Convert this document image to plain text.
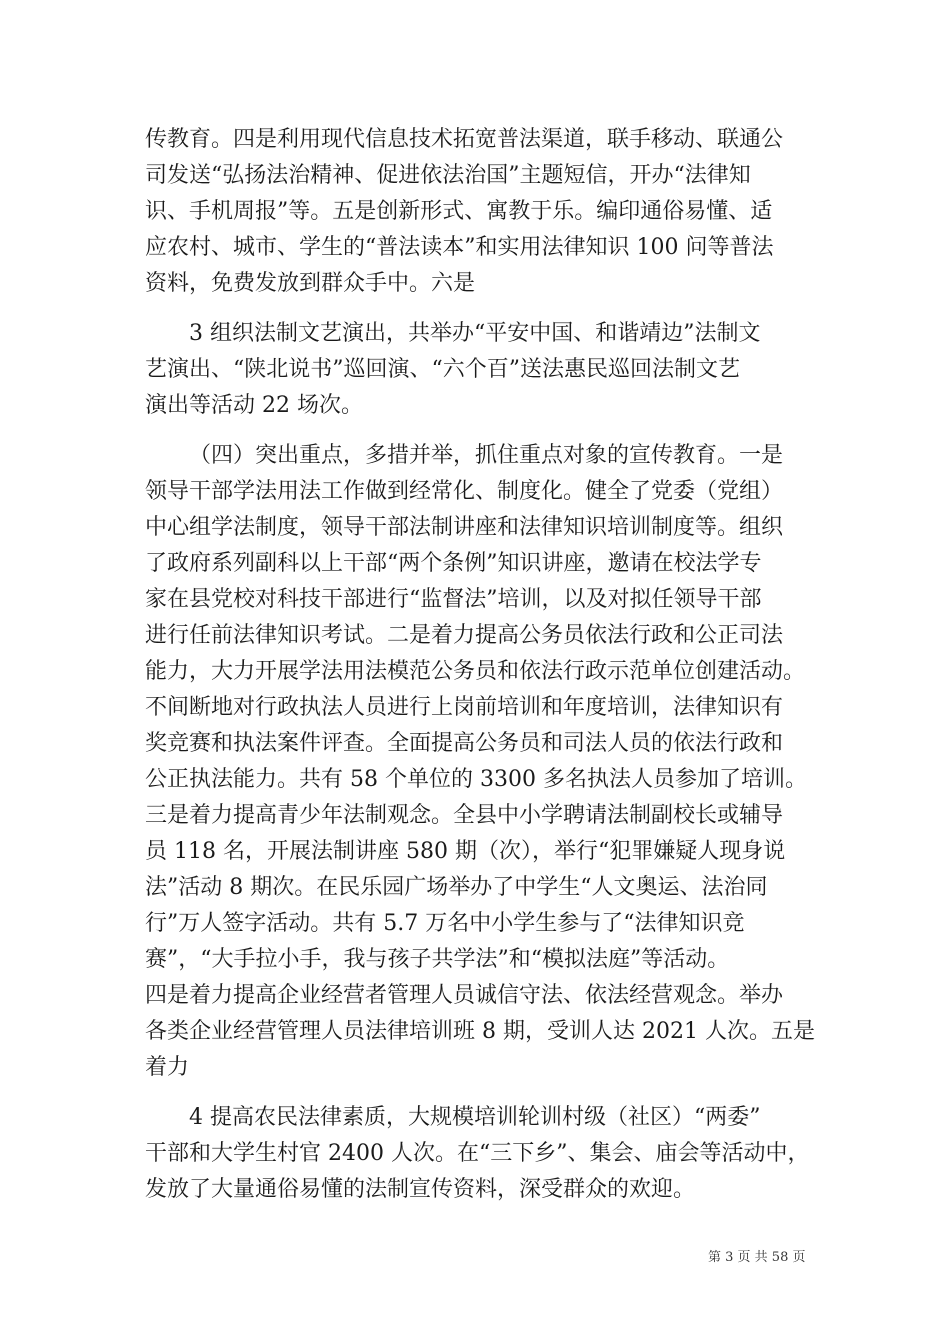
传教育。四是利用现代信息技术拓宽普法渠道，联手移动、联通公
司发送“弘扬法治精神、促进依法治国”主题短信，开办“法律知
识、手机周报”等。五是创新形式、寓教于乐。编印通俗易懂、适
应农村、城市、学生的“普法读本”和实用法律知识 100 问等普法
资料，免费发放到群众手中。六是
3 组织法制文艺演出，共举办“平安中国、和谐靖边”法制文
艺演出、“陕北说书”巡回演、“六个百”送法惠民巡回法制文艺
演出等活动 22 场次。
（四）突出重点，多措并举，抓住重点对象的宣传教育。一是
领导干部学法用法工作做到经常化、制度化。健全了党委（党组）
中心组学法制度，领导干部法制讲座和法律知识培训制度等。组织
了政府系列副科以上干部“两个条例”知识讲座，邀请在校法学专
家在县党校对科技干部进行“监督法”培训，以及对拟任领导干部
进行任前法律知识考试。二是着力提高公务员依法行政和公正司法
能力，大力开展学法用法模范公务员和依法行政示范单位创建活动。
不间断地对行政执法人员进行上岗前培训和年度培训，法律知识有
奖竞赛和执法案件评查。全面提高公务员和司法人员的依法行政和
公正执法能力。共有 58 个单位的 3300 多名执法人员参加了培训。
三是着力提高青少年法制观念。全县中小学聘请法制副校长或辅导
员 118 名，开展法制讲座 580 期（次），举行“犯罪嫌疑人现身说
法”活动 8 期次。在民乐园广场举办了中学生“人文奥运、法治同
行”万人签字活动。共有 5.7 万名中小学生参与了“法律知识竞
赛”，“大手拉小手，我与孩子共学法”和“模拟法庭”等活动。
四是着力提高企业经营者管理人员诚信守法、依法经营观念。举办
各类企业经营管理人员法律培训班 8 期，受训人达 2021 人次。五是
着力
4 提高农民法律素质，大规模培训轮训村级（社区）“两委”
干部和大学生村官 2400 人次。在“三下乡”、集会、庙会等活动中，
发放了大量通俗易懂的法制宣传资料，深受群众的欢迎。
第 3 页 共 58 页
